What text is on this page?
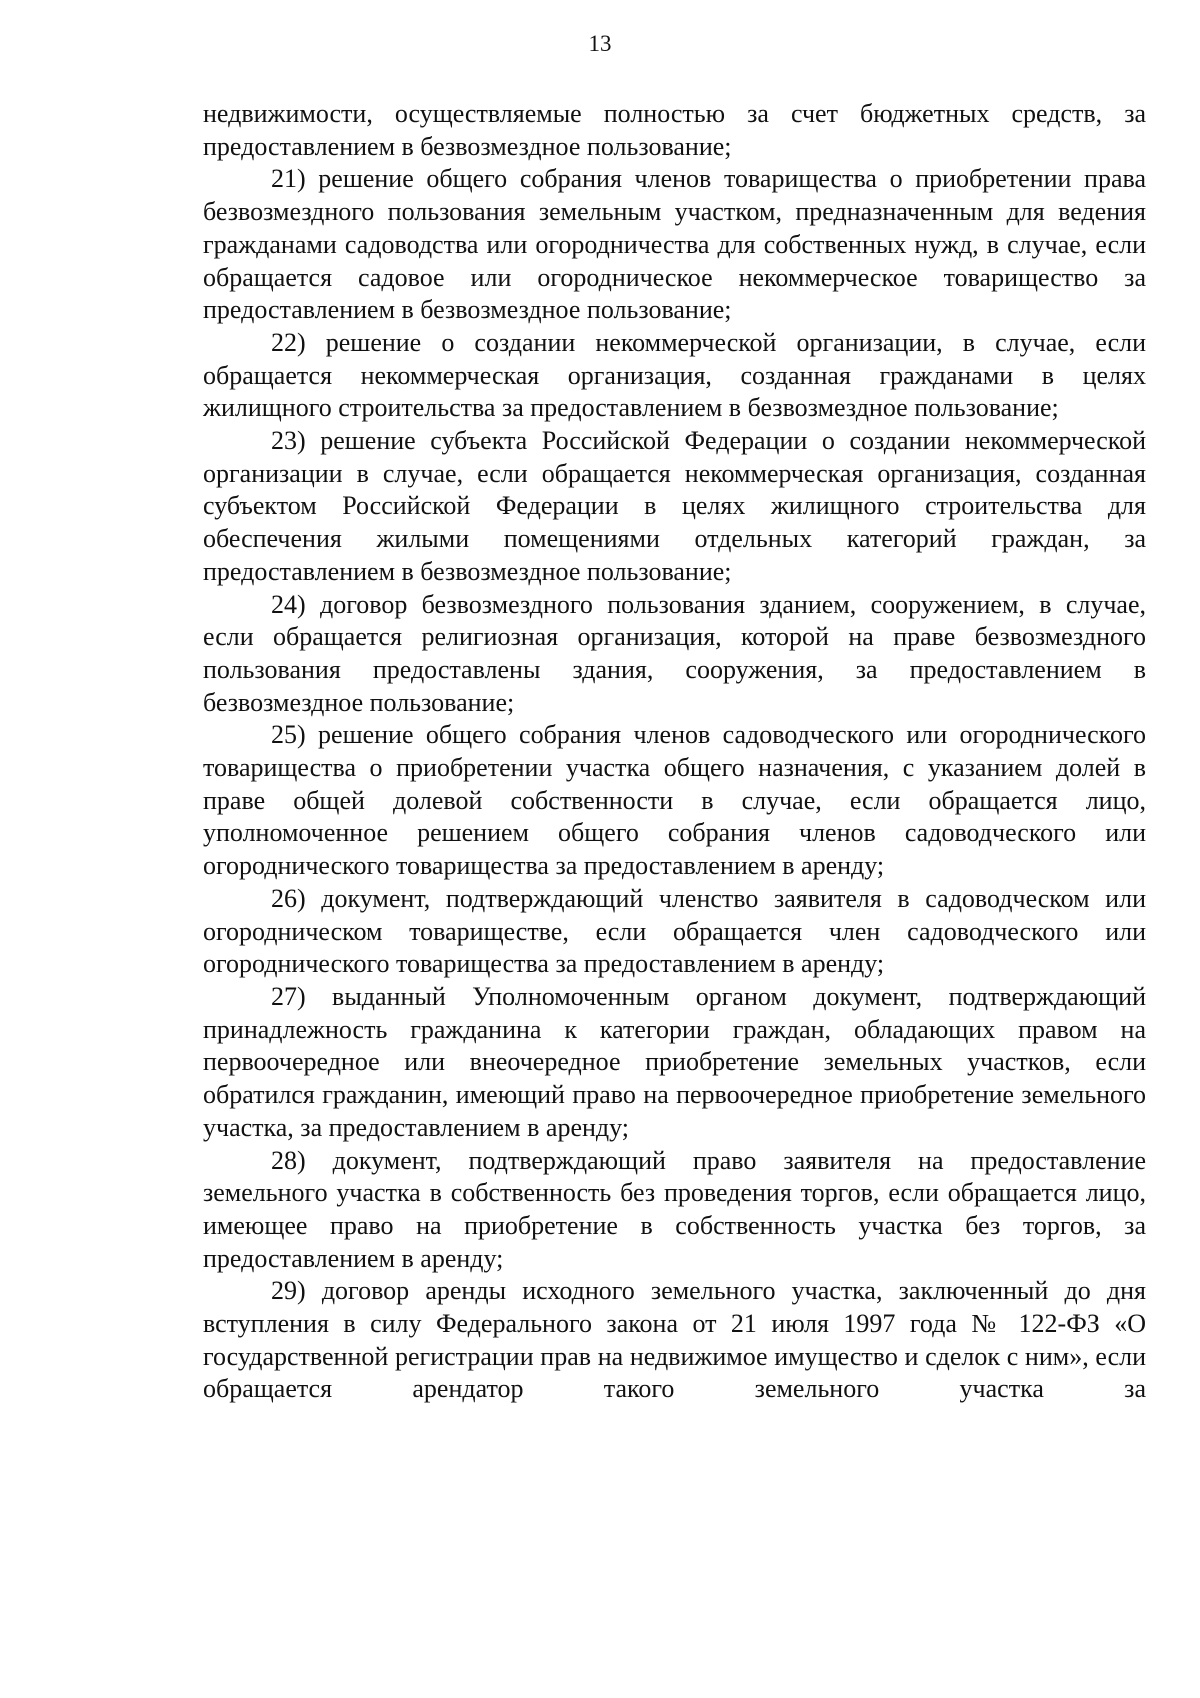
13

недвижимости, осуществляемые полностью за счет бюджетных средств, за предоставлением в безвозмездное пользование;

21) решение общего собрания членов товарищества о приобретении права безвозмездного пользования земельным участком, предназначенным для ведения гражданами садоводства или огородничества для собственных нужд, в случае, если обращается садовое или огородническое некоммерческое товарищество за предоставлением в безвозмездное пользование;

22) решение о создании некоммерческой организации, в случае, если обращается некоммерческая организация, созданная гражданами в целях жилищного строительства за предоставлением в безвозмездное пользование;

23) решение субъекта Российской Федерации о создании некоммерческой организации в случае, если обращается некоммерческая организация, созданная субъектом Российской Федерации в целях жилищного строительства для обеспечения жилыми помещениями отдельных категорий граждан, за предоставлением в безвозмездное пользование;

24) договор безвозмездного пользования зданием, сооружением, в случае, если обращается религиозная организация, которой на праве безвозмездного пользования предоставлены здания, сооружения, за предоставлением в безвозмездное пользование;

25) решение общего собрания членов садоводческого или огороднического товарищества о приобретении участка общего назначения, с указанием долей в праве общей долевой собственности в случае, если обращается лицо, уполномоченное решением общего собрания членов садоводческого или огороднического товарищества за предоставлением в аренду;

26) документ, подтверждающий членство заявителя в садоводческом или огородническом товариществе, если обращается член садоводческого или огороднического товарищества за предоставлением в аренду;

27) выданный Уполномоченным органом документ, подтверждающий принадлежность гражданина к категории граждан, обладающих правом на первоочередное или внеочередное приобретение земельных участков, если обратился гражданин, имеющий право на первоочередное приобретение земельного участка, за предоставлением в аренду;

28) документ, подтверждающий право заявителя на предоставление земельного участка в собственность без проведения торгов, если обращается лицо, имеющее право на приобретение в собственность участка без торгов, за предоставлением в аренду;

29) договор аренды исходного земельного участка, заключенный до дня вступления в силу Федерального закона от 21 июля 1997 года № 122-ФЗ «О государственной регистрации прав на недвижимое имущество и сделок с ним», если обращается арендатор такого земельного участка за
